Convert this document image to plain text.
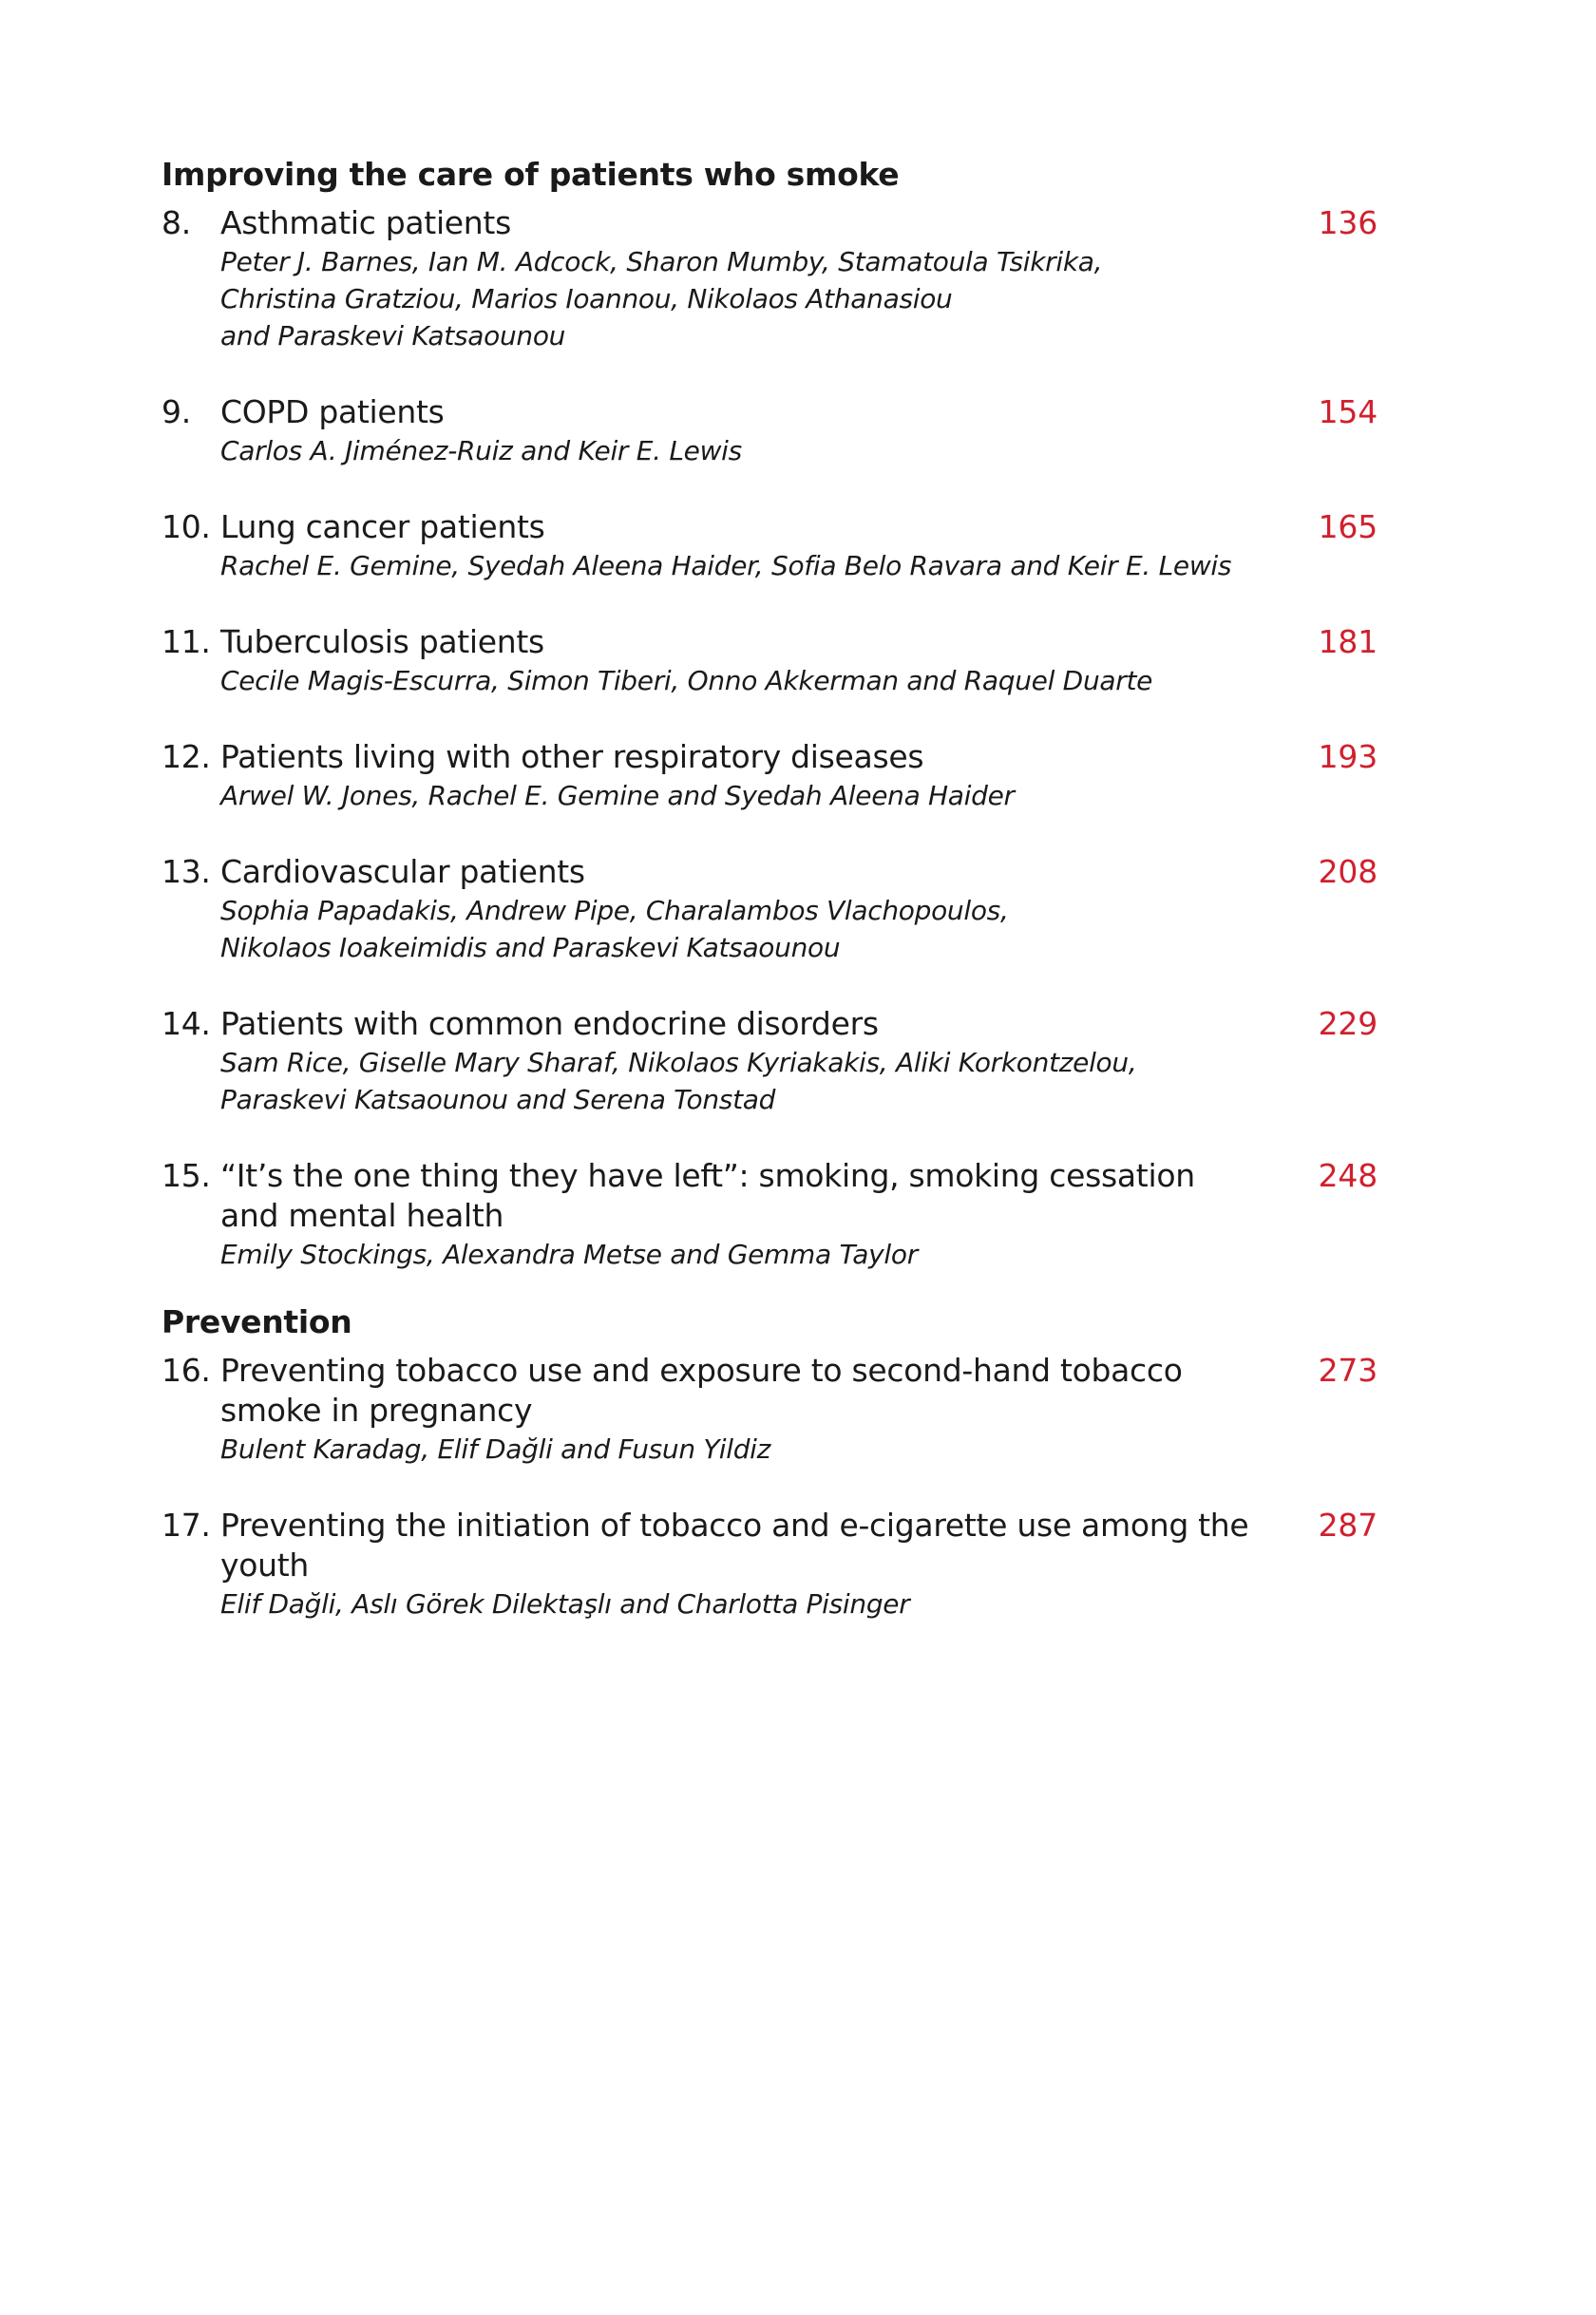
Improving the care of patients who smoke
8. Asthmatic patients
Peter J. Barnes, Ian M. Adcock, Sharon Mumby, Stamatoula Tsikrika,
Christina Gratziou, Marios Ioannou, Nikolaos Athanasiou
and Paraskevi Katsaounou
136
9. COPD patients
Carlos A. Jiménez-Ruiz and Keir E. Lewis
154
10. Lung cancer patients
Rachel E. Gemine, Syedah Aleena Haider, Sofia Belo Ravara and Keir E. Lewis
165
11. Tuberculosis patients
Cecile Magis-Escurra, Simon Tiberi, Onno Akkerman and Raquel Duarte
181
12. Patients living with other respiratory diseases
Arwel W. Jones, Rachel E. Gemine and Syedah Aleena Haider
193
13. Cardiovascular patients
Sophia Papadakis, Andrew Pipe, Charalambos Vlachopoulos,
Nikolaos Ioakeimidis and Paraskevi Katsaounou
208
14. Patients with common endocrine disorders
Sam Rice, Giselle Mary Sharaf, Nikolaos Kyriakakis, Aliki Korkontzelou,
Paraskevi Katsaounou and Serena Tonstad
229
15. “It’s the one thing they have left”: smoking, smoking cessation
and mental health
Emily Stockings, Alexandra Metse and Gemma Taylor
248
Prevention
16. Preventing tobacco use and exposure to second-hand tobacco
smoke in pregnancy
Bulent Karadag, Elif Dağli and Fusun Yildiz
273
17. Preventing the initiation of tobacco and e-cigarette use among the youth
Elif Dağli, Aslı Görek Dilektaşlı and Charlotta Pisinger
287
